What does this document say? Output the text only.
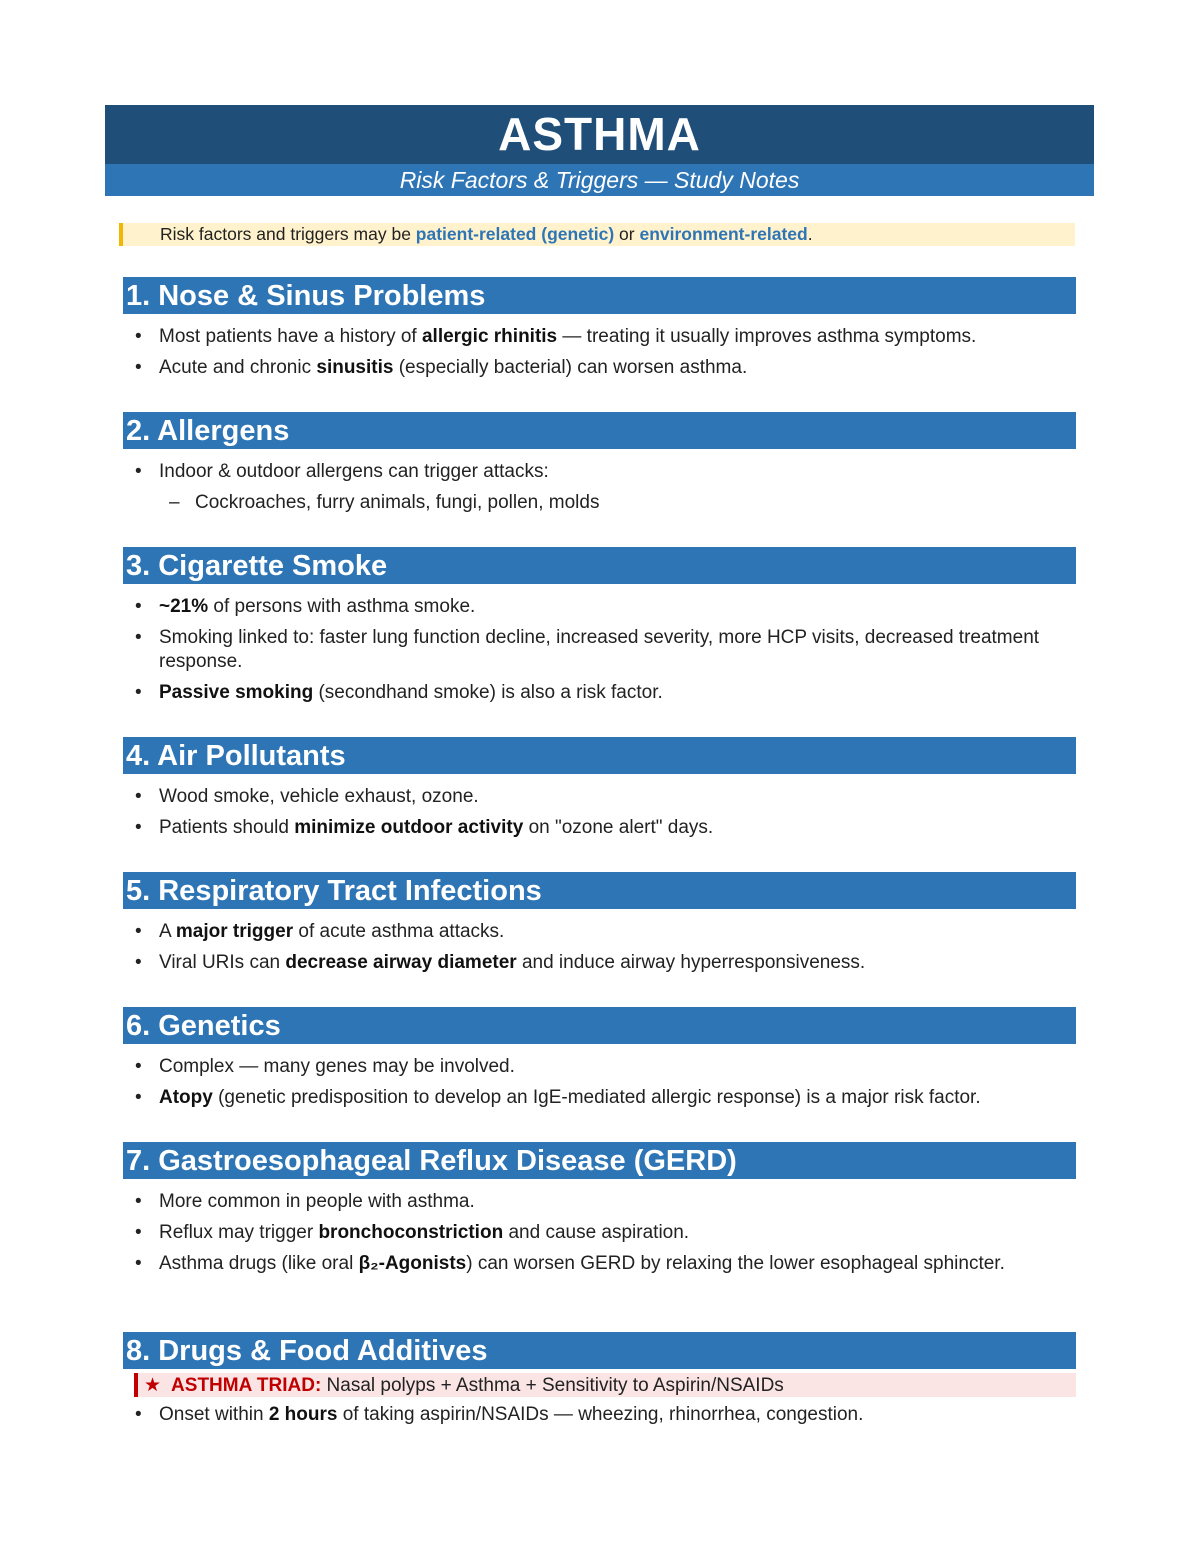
ASTHMA
Risk Factors & Triggers — Study Notes
Risk factors and triggers may be patient-related (genetic) or environment-related.
1. Nose & Sinus Problems
• Most patients have a history of allergic rhinitis — treating it usually improves asthma symptoms.
• Acute and chronic sinusitis (especially bacterial) can worsen asthma.
2. Allergens
• Indoor & outdoor allergens can trigger attacks:
– Cockroaches, furry animals, fungi, pollen, molds
3. Cigarette Smoke
• ~21% of persons with asthma smoke.
• Smoking linked to: faster lung function decline, increased severity, more HCP visits, decreased treatment response.
• Passive smoking (secondhand smoke) is also a risk factor.
4. Air Pollutants
• Wood smoke, vehicle exhaust, ozone.
• Patients should minimize outdoor activity on "ozone alert" days.
5. Respiratory Tract Infections
• A major trigger of acute asthma attacks.
• Viral URIs can decrease airway diameter and induce airway hyperresponsiveness.
6. Genetics
• Complex — many genes may be involved.
• Atopy (genetic predisposition to develop an IgE-mediated allergic response) is a major risk factor.
7. Gastroesophageal Reflux Disease (GERD)
• More common in people with asthma.
• Reflux may trigger bronchoconstriction and cause aspiration.
• Asthma drugs (like oral β₂-Agonists) can worsen GERD by relaxing the lower esophageal sphincter.
8. Drugs & Food Additives
★ ASTHMA TRIAD: Nasal polyps + Asthma + Sensitivity to Aspirin/NSAIDs
• Onset within 2 hours of taking aspirin/NSAIDs — wheezing, rhinorrhea, congestion.
